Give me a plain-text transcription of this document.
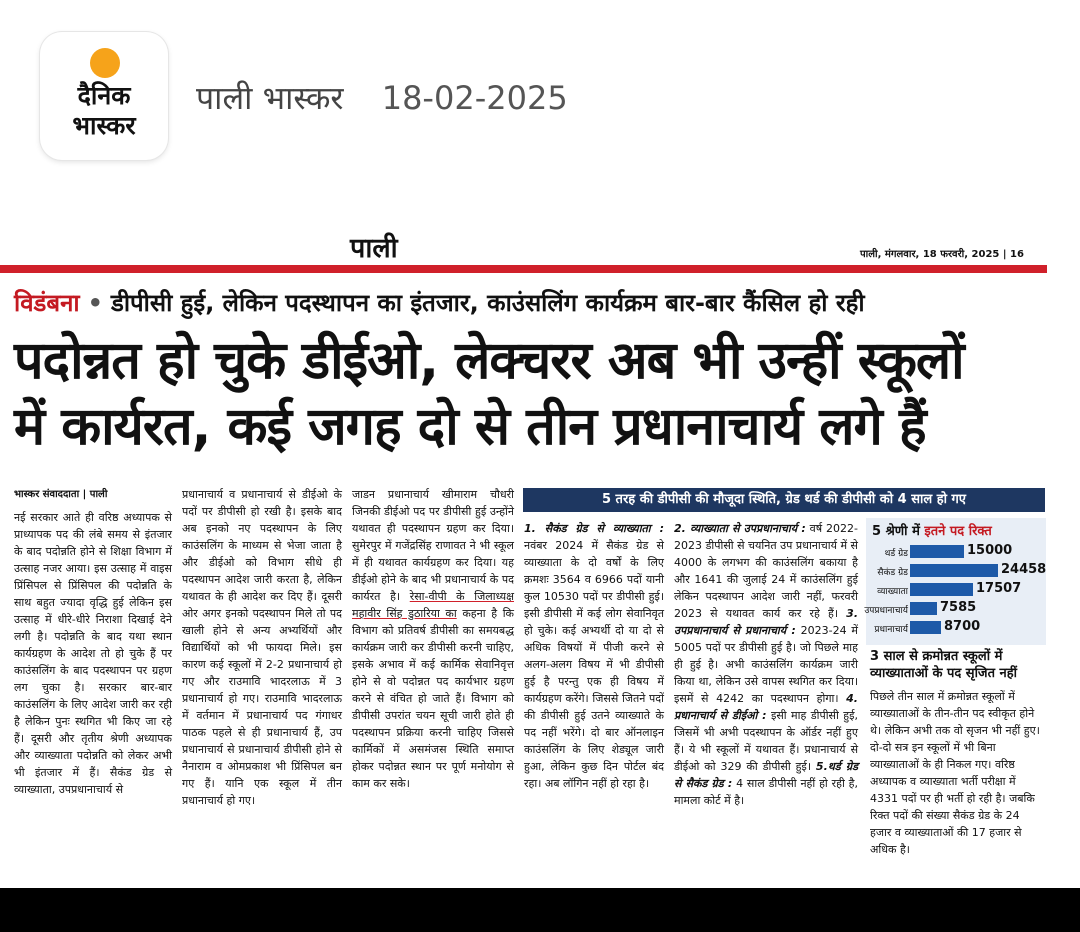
दैनिक
भास्कर
पाली भास्कर 18-02-2025
पाली	पाली, मंगलवार, 18 फरवरी, 2025 | 16
विडंबना • डीपीसी हुई, लेकिन पदस्थापन का इंतजार, काउंसलिंग कार्यक्रम बार-बार कैंसिल हो रही
पदोन्नत हो चुके डीईओ, लेक्चरर अब भी उन्हीं स्कूलों
में कार्यरत, कई जगह दो से तीन प्रधानाचार्य लगे हैं
भास्कर संवाददाता | पाली
नई सरकार आते ही वरिष्ठ अध्यापक से प्राध्यापक पद की लंबे समय से इंतजार के बाद पदोन्नति होने से शिक्षा विभाग में उत्साह नजर आया। इस उत्साह में वाइस प्रिंसिपल से प्रिंसिपल की पदोन्नति के साथ बहुत ज्यादा वृद्धि हुई लेकिन इस उत्साह में धीरे-धीरे निराशा दिखाई देने लगी है। पदोन्नति के बाद यथा स्थान कार्यग्रहण के आदेश तो हो चुके हैं पर काउंसलिंग के बाद पदस्थापन पर ग्रहण लग चुका है। सरकार बार-बार काउंसलिंग के लिए आदेश जारी कर रही है लेकिन पुनः स्थगित भी किए जा रहे हैं। दूसरी और तृतीय श्रेणी अध्यापक और व्याख्याता पदोन्नति को लेकर अभी भी इंतजार में हैं। सैकंड ग्रेड से व्याख्याता, उपप्रधानाचार्य से
प्रधानाचार्य व प्रधानाचार्य से डीईओ के पदों पर डीपीसी हो रखी है। इसके बाद अब इनको नए पदस्थापन के लिए काउंसलिंग के माध्यम से भेजा जाता है और डीईओ को विभाग सीधे ही पदस्थापन आदेश जारी करता है, लेकिन यथावत के ही आदेश कर दिए हैं। दूसरी ओर अगर इनको पदस्थापन मिले तो पद खाली होने से अन्य अभ्यर्थियों और विद्यार्थियों को भी फायदा मिले। इस कारण कई स्कूलों में 2-2 प्रधानाचार्य हो गए और राउमावि भादरलाऊ में 3 प्रधानाचार्य हो गए। राउमावि भादरलाऊ में वर्तमान में प्रधानाचार्य पद गंगाधर पाठक पहले से ही प्रधानाचार्य हैं, उप प्रधानाचार्य से प्रधानाचार्य डीपीसी होने से नैनाराम व ओमप्रकाश भी प्रिंसिपल बन गए हैं। यानि एक स्कूल में तीन प्रधानाचार्य हो गए।
जाडन प्रधानाचार्य खीमाराम चौधरी जिनकी डीईओ पद पर डीपीसी हुई उन्होंने यथावत ही पदस्थापन ग्रहण कर दिया। सुमेरपुर में गजेंद्रसिंह राणावत ने भी स्कूल में ही यथावत कार्यग्रहण कर दिया। यह डीईओ होने के बाद भी प्रधानाचार्य के पद कार्यरत है। रेसा-वीपी के जिलाध्यक्ष महावीर सिंह डुठारिया का कहना है कि विभाग को प्रतिवर्ष डीपीसी का समयबद्ध कार्यक्रम जारी कर डीपीसी करनी चाहिए, इसके अभाव में कई कार्मिक सेवानिवृत्त होने से वो पदोन्नत पद कार्यभार ग्रहण करने से वंचित हो जाते हैं। विभाग को डीपीसी उपरांत चयन सूची जारी होते ही पदस्थापन प्रक्रिया करनी चाहिए जिससे कार्मिकों में असमंजस स्थिति समाप्त होकर पदोन्नत स्थान पर पूर्ण मनोयोग से काम कर सके।
5 तरह की डीपीसी की मौजूदा स्थिति, ग्रेड थर्ड की डीपीसी को 4 साल हो गए
1. सैकंड ग्रेड से व्याख्याता : नवंबर 2024 में सैकंड ग्रेड से व्याख्याता के दो वर्षों के लिए क्रमशः 3564 व 6966 पदों यानी कुल 10530 पदों पर डीपीसी हुई। इसी डीपीसी में कई लोग सेवानिवृत हो चुके। कई अभ्यर्थी दो या दो से अधिक विषयों में पीजी करने से अलग-अलग विषय में भी डीपीसी हुई है परन्तु एक ही विषय में कार्यग्रहण करेंगे। जिससे जितने पदों की डीपीसी हुई उतने व्याख्याते के पद नहीं भरेंगे। दो बार ऑनलाइन काउंसलिंग के लिए शेड्यूल जारी हुआ, लेकिन कुछ दिन पोर्टल बंद रहा। अब लॉगिन नहीं हो रहा है।
2. व्याख्याता से उपप्रधानाचार्य : वर्ष 2022-2023 डीपीसी से चयनित उप प्रधानाचार्य में से 4000 के लगभग की काउंसलिंग बकाया है और 1641 की जुलाई 24 में काउंसलिंग हुई लेकिन पदस्थापन आदेश जारी नहीं, फरवरी 2023 से यथावत कार्य कर रहे हैं। 3. उपप्रधानाचार्य से प्रधानाचार्य : 2023-24 में 5005 पदों पर डीपीसी हुई है। जो पिछले माह ही हुई है। अभी काउंसलिंग कार्यक्रम जारी किया था, लेकिन उसे वापस स्थगित कर दिया। इसमें से 4242 का पदस्थापन होगा। 4. प्रधानाचार्य से डीईओ : इसी माह डीपीसी हुई, जिसमें भी अभी पदस्थापन के ऑर्डर नहीं हुए हैं। ये भी स्कूलों में यथावत हैं। प्रधानाचार्य से डीईओ को 329 की डीपीसी हुई। 5.थर्ड ग्रेड से सैकंड ग्रेड : 4 साल डीपीसी नहीं हो रही है, मामला कोर्ट में है।
5 श्रेणी में इतने पद रिक्त
थर्ड ग्रेड	15000
सैकंड ग्रेड	24458
व्याख्याता	17507
उपप्रधानाचार्य 7585
प्रधानाचार्य	8700
3 साल से क्रमोन्नत स्कूलों में व्याख्याताओं के पद सृजित नहीं
पिछले तीन साल में क्रमोन्नत स्कूलों में व्याख्याताओं के तीन-तीन पद स्वीकृत होने थे। लेकिन अभी तक वो सृजन भी नहीं हुए। दो-दो सत्र इन स्कूलों में भी बिना व्याख्याताओं के ही निकल गए। वरिष्ठ अध्यापक व व्याख्याता भर्ती परीक्षा में 4331 पदों पर ही भर्ती हो रही है। जबकि रिक्त पदों की संख्या सैकंड ग्रेड के 24 हजार व व्याख्याताओं की 17 हजार से अधिक है।
